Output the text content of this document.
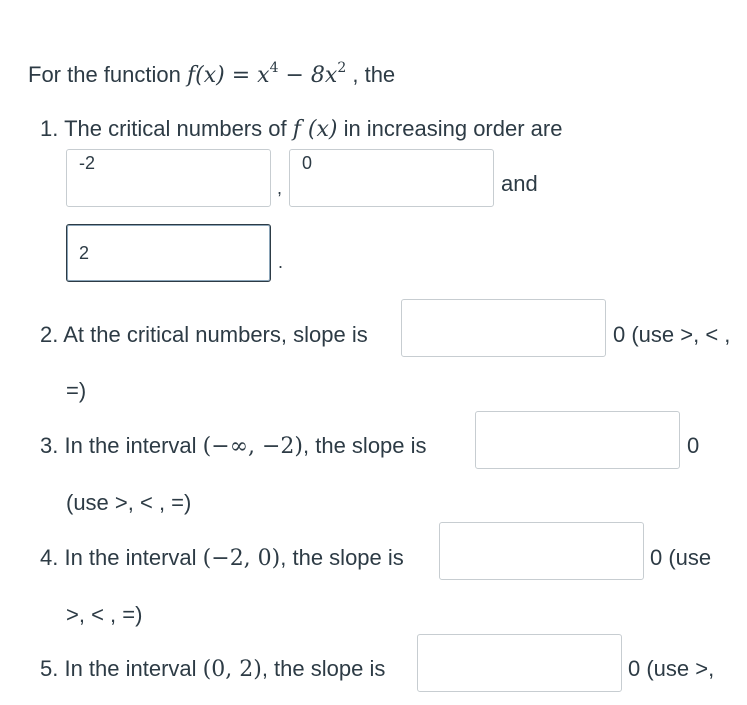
For the function $f(x) = x^4 - 8x^2$ , the
1. The critical numbers of f (x) in increasing order are
-2
,
0	and
2
.
2. At the critical numbers, slope is	0 (use >, < ,
=)
3. In the interval (−∞, −2), the slope is	0
(use >, < , =)
4. In the interval (−2, 0), the slope is	0 (use
>, < , =)
5. In the interval (0, 2), the slope is	0 (use >,
